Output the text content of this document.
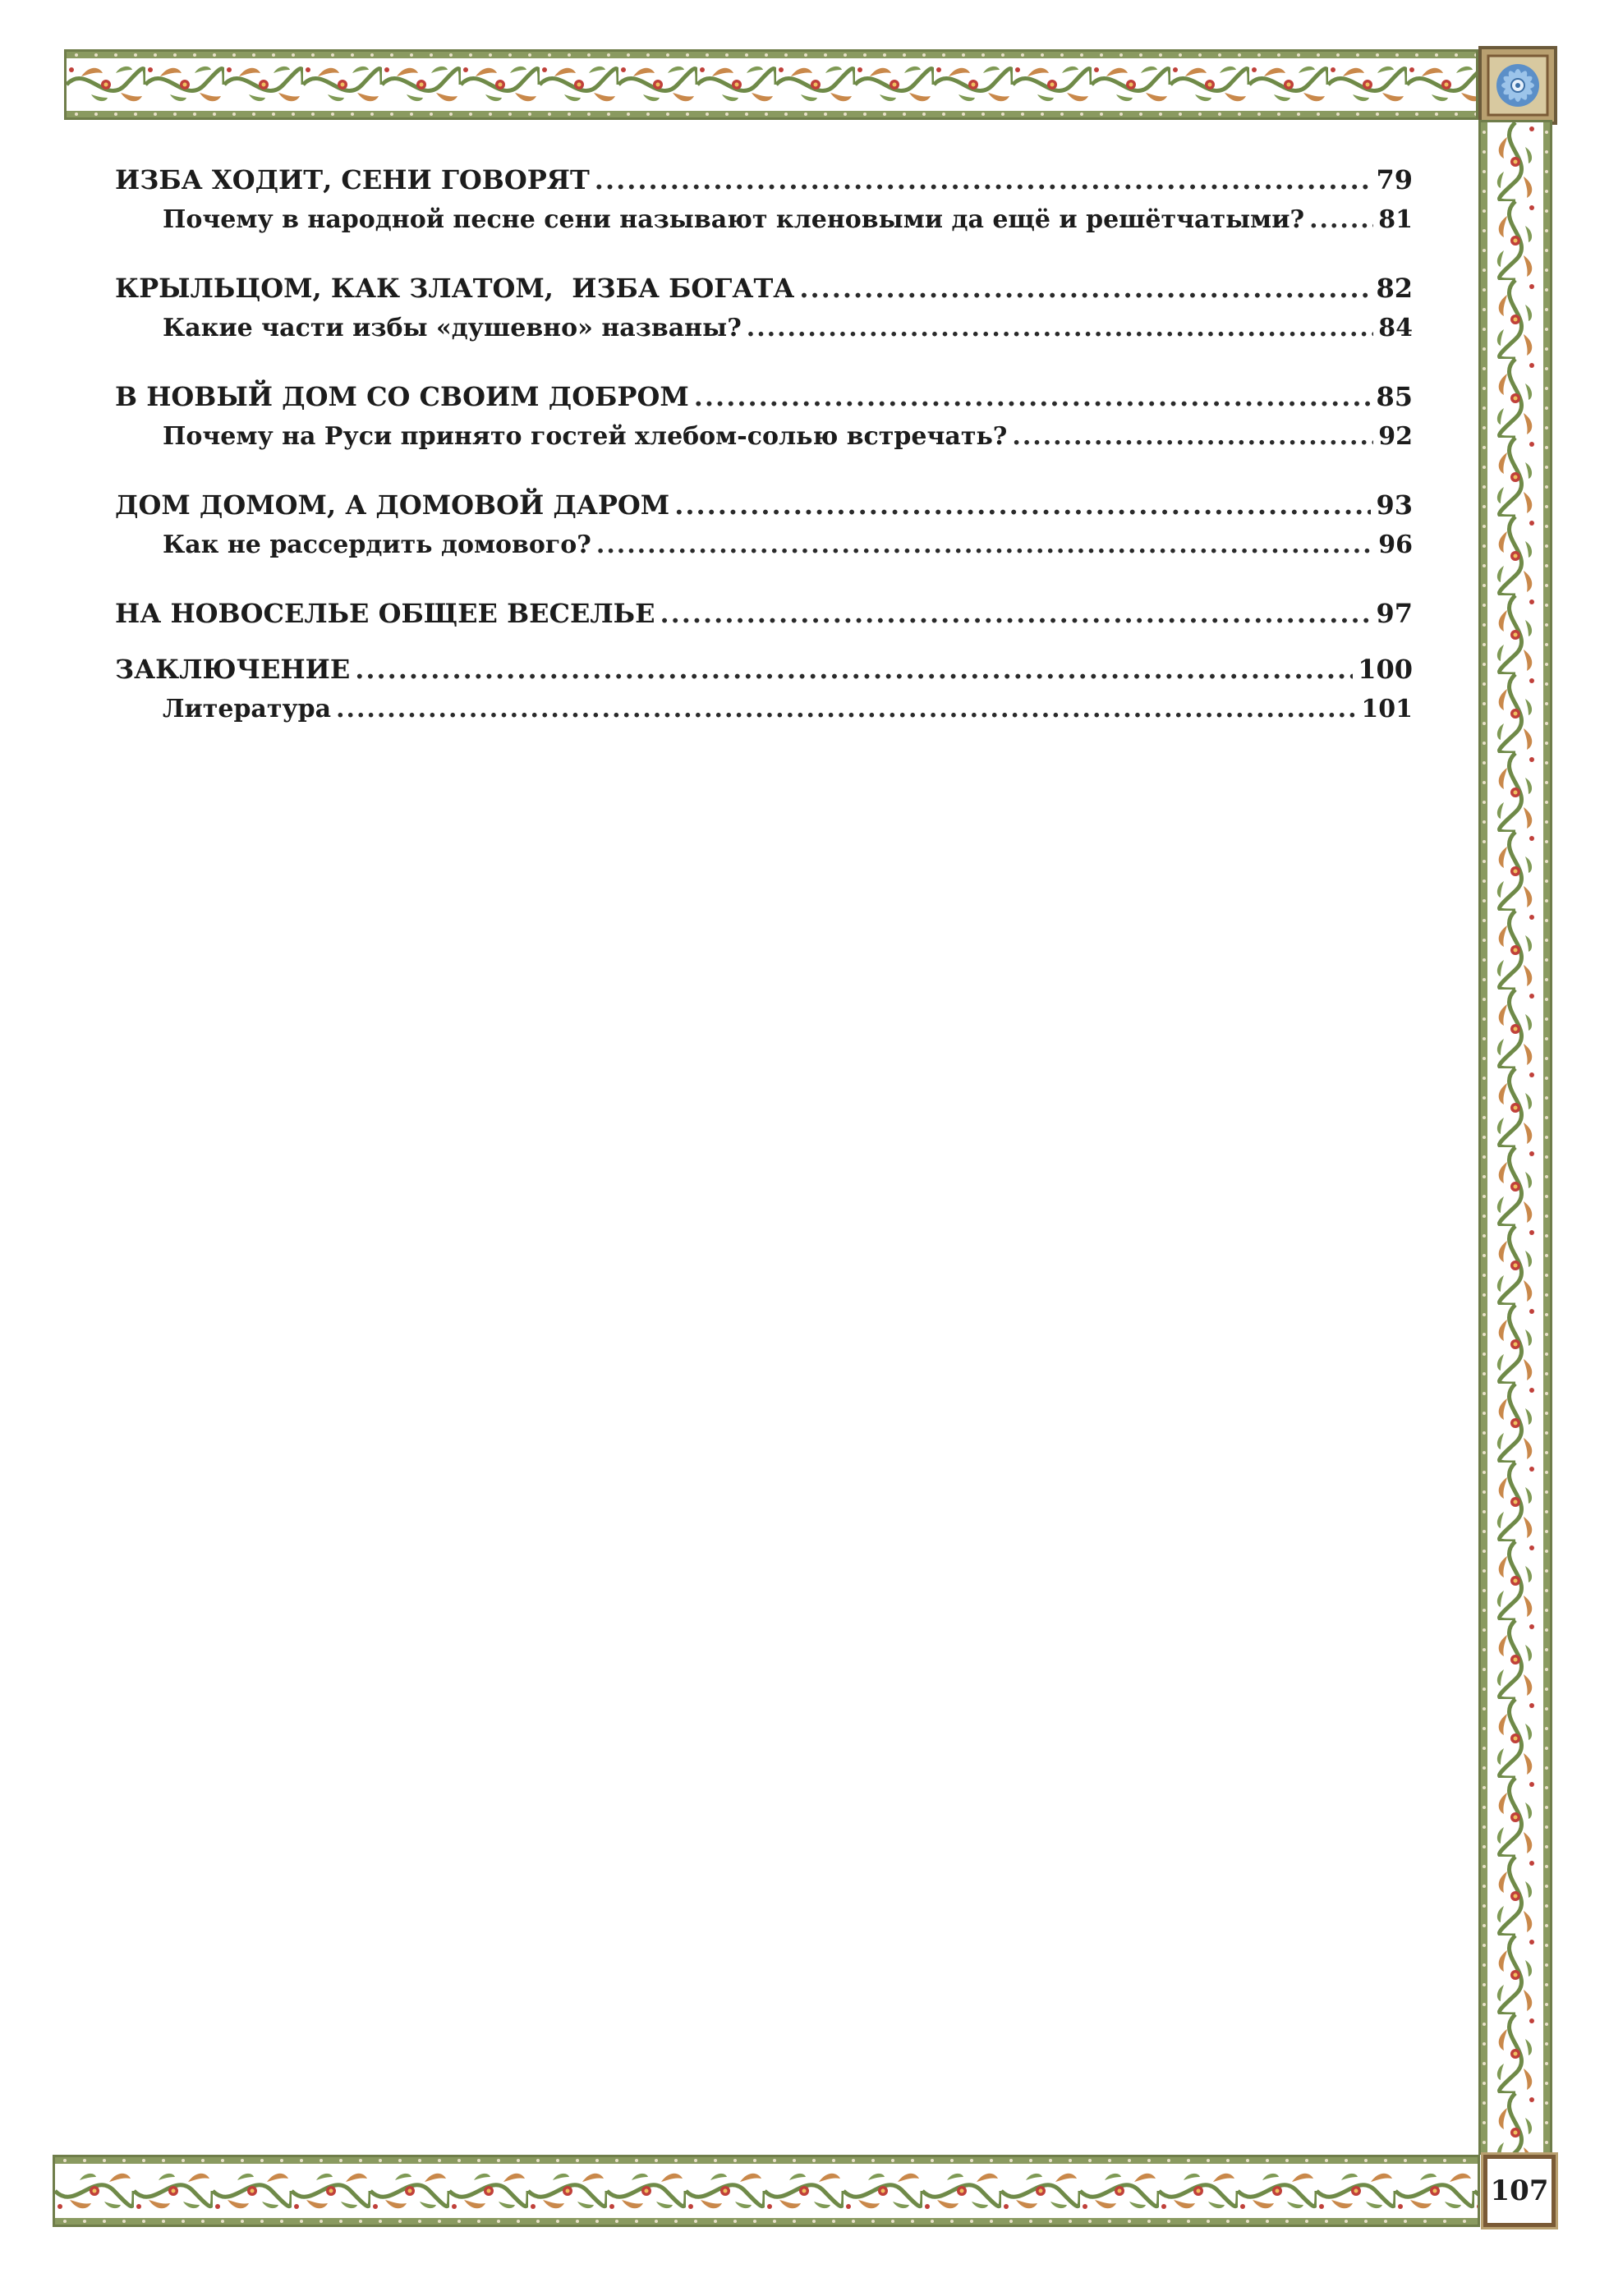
107
ИЗБА ХОДИТ, СЕНИ ГОВОРЯТ .....	79
Почему в народной песне сени называют кленовыми да ещё и решётчатыми? .....	81
КРЫЛЬЦОМ, КАК ЗЛАТОМ,  ИЗБА БОГАТА .....	82
Какие части избы «душевно» названы? .....	84
В НОВЫЙ ДОМ СО СВОИМ ДОБРОМ .....	85
Почему на Руси принято гостей хлебом-солью встречать? .....	92
ДОМ ДОМОМ, А ДОМОВОЙ ДАРОМ .....	93
Как не рассердить домового? .....	96
НА НОВОСЕЛЬЕ ОБЩЕЕ ВЕСЕЛЬЕ .....	97
ЗАКЛЮЧЕНИЕ .....	100
Литература .....	101
